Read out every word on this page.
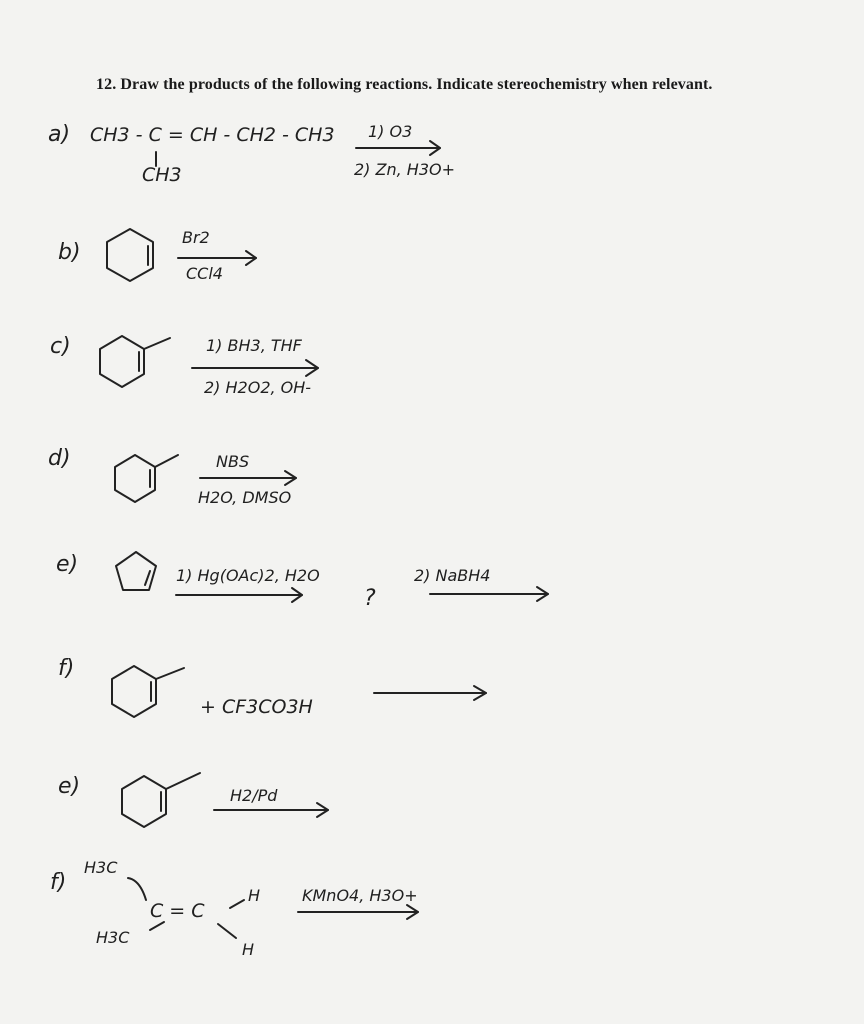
12. Draw the products of the following reactions. Indicate stereochemistry when relevant.
a) CH3 - C = CH - CH2 - CH3
CH3
1) O3
2) Zn, H3O+
b)
Br2
CCl4
c)	1) BH3, THF
2) H2O2, OH-
d)	NBS
H2O, DMSO
e)	1) Hg(OAc)2, H2O
?
2) NaBH4
f)
+ CF3CO3H
e)	H2/Pd
f)
H3C
H3C
C = C
H
H
KMnO4, H3O+
